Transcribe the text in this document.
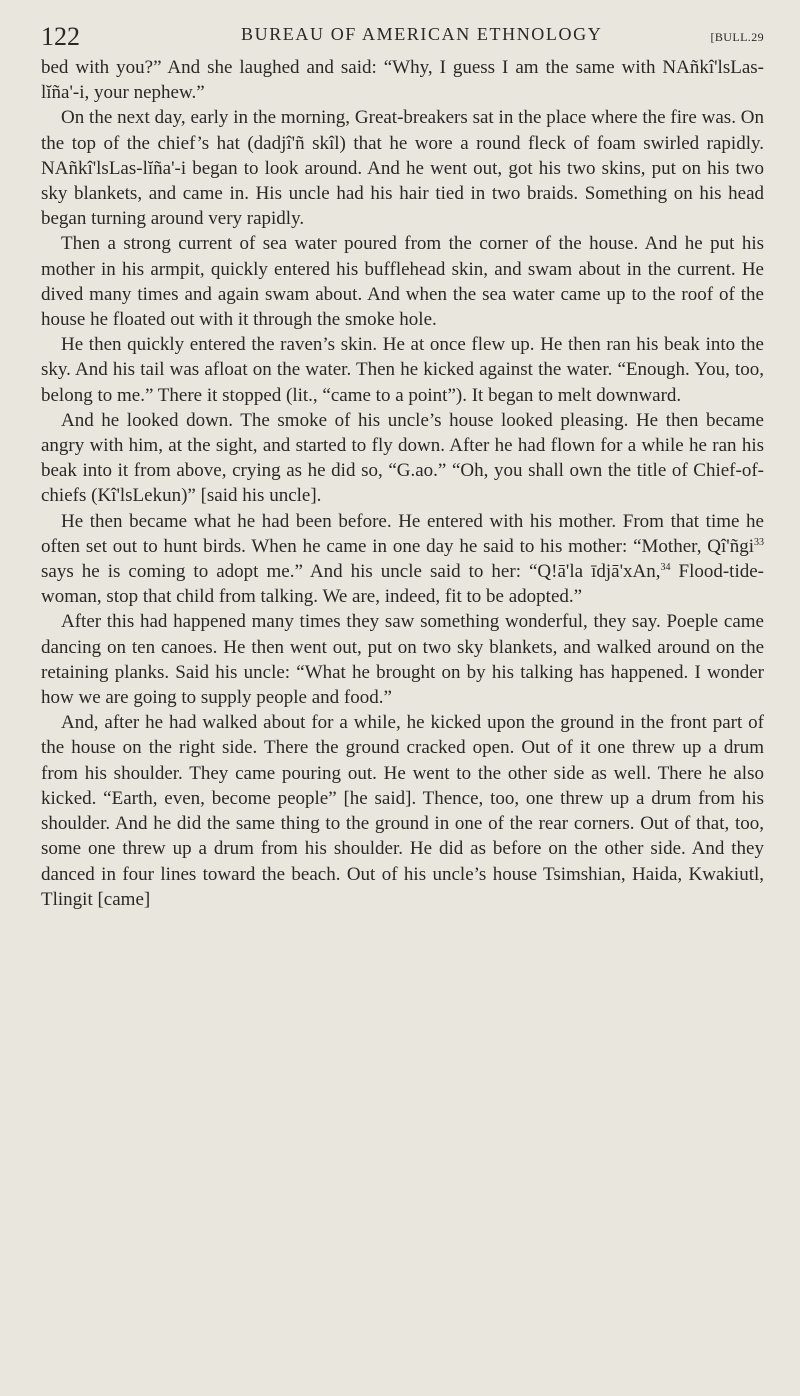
122	BUREAU OF AMERICAN ETHNOLOGY	[BULL.29

bed with you?” And she laughed and said: “Why, I guess I am the same with NAñkî'lsLas-lĭña'-i, your nephew.”

On the next day, early in the morning, Great-breakers sat in the place where the fire was. On the top of the chief’s hat (dadjî'ñ skîl) that he wore a round fleck of foam swirled rapidly. NAñkî'lsLas-lĭña'-i began to look around. And he went out, got his two skins, put on his two sky blankets, and came in. His uncle had his hair tied in two braids. Something on his head began turning around very rapidly.

Then a strong current of sea water poured from the corner of the house. And he put his mother in his armpit, quickly entered his bufflehead skin, and swam about in the current. He dived many times and again swam about. And when the sea water came up to the roof of the house he floated out with it through the smoke hole.

He then quickly entered the raven’s skin. He at once flew up. He then ran his beak into the sky. And his tail was afloat on the water. Then he kicked against the water. “Enough. You, too, belong to me.” There it stopped (lit., “came to a point”). It began to melt downward.

And he looked down. The smoke of his uncle’s house looked pleasing. He then became angry with him, at the sight, and started to fly down. After he had flown for a while he ran his beak into it from above, crying as he did so, “G.ao.” “Oh, you shall own the title of Chief-of-chiefs (Kî'lsLekun)” [said his uncle].

He then became what he had been before. He entered with his mother. From that time he often set out to hunt birds. When he came in one day he said to his mother: “Mother, Qî'ñgi$^{33}$ says he is coming to adopt me.” And his uncle said to her: “Q!ā'la īdjā'xAn,$^{34}$ Flood-tide-woman, stop that child from talking. We are, indeed, fit to be adopted.”

After this had happened many times they saw something wonderful, they say. Poeple came dancing on ten canoes. He then went out, put on two sky blankets, and walked around on the retaining planks. Said his uncle: “What he brought on by his talking has happened. I wonder how we are going to supply people and food.”

And, after he had walked about for a while, he kicked upon the ground in the front part of the house on the right side. There the ground cracked open. Out of it one threw up a drum from his shoulder. They came pouring out. He went to the other side as well. There he also kicked. “Earth, even, become people” [he said]. Thence, too, one threw up a drum from his shoulder. And he did the same thing to the ground in one of the rear corners. Out of that, too, some one threw up a drum from his shoulder. He did as before on the other side. And they danced in four lines toward the beach. Out of his uncle’s house Tsimshian, Haida, Kwakiutl, Tlingit [came]
